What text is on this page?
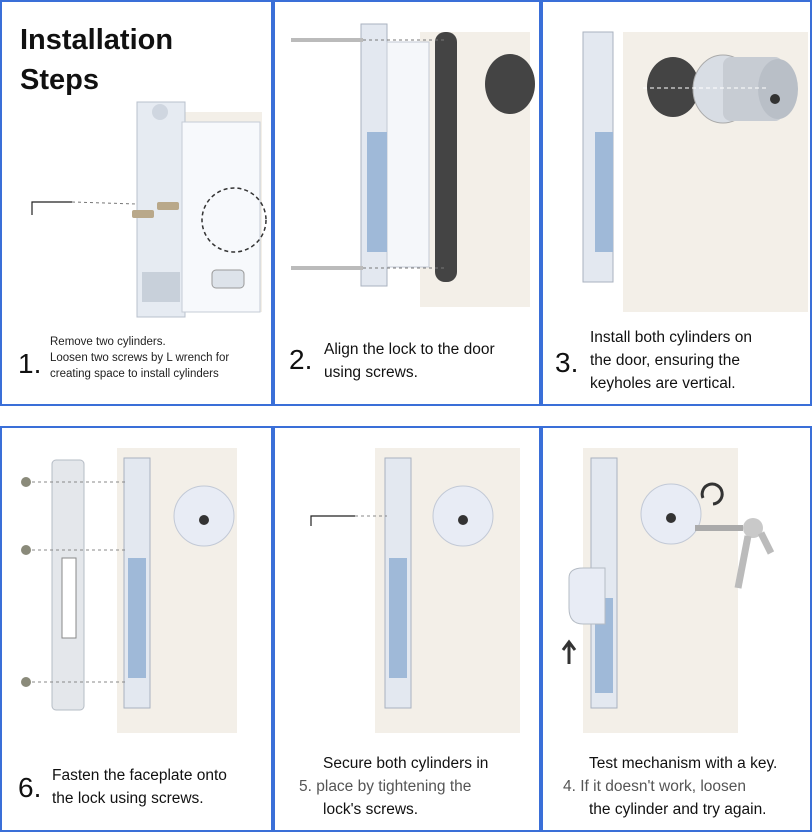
Installation
Steps
1.
Remove two cylinders.
Loosen two screws by L wrench for
creating space to install cylinders	2. Align the lock to the door
using screws.	3.
Install both cylinders on
the door, ensuring the
keyholes are vertical.
6. Fasten the faceplate onto
the lock using screws.
Secure both cylinders in
5. place by tightening the
lock's screws.
Test mechanism with a key.
4. If it doesn't work, loosen
the cylinder and try again.
